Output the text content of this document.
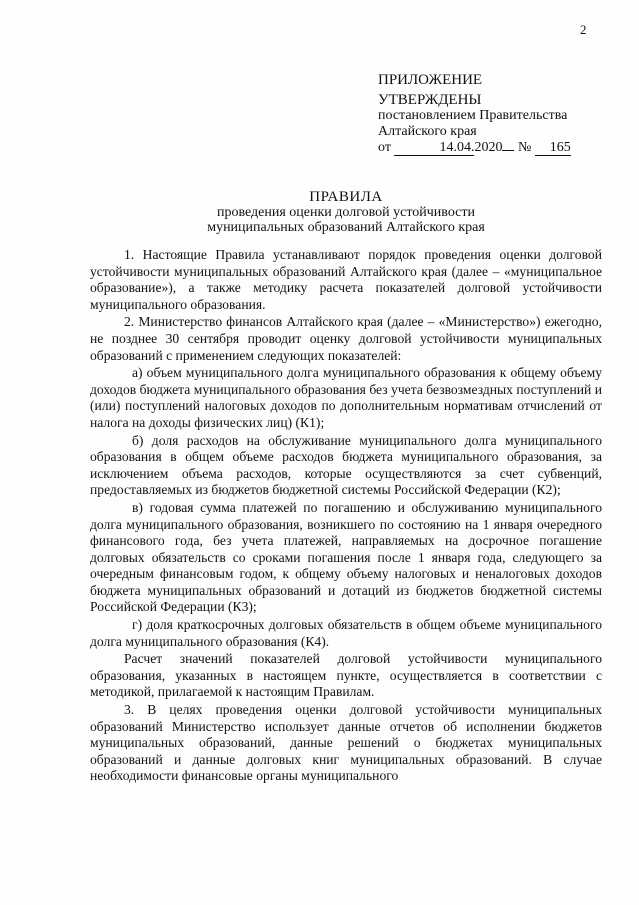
2
ПРИЛОЖЕНИЕ
УТВЕРЖДЕНЫ
постановлением Правительства
Алтайского края
от	14.04.2020 № 165
ПРАВИЛА
проведения оценки долговой устойчивости
муниципальных образований Алтайского края

1. Настоящие Правила устанавливают порядок проведения оценки долговой устойчивости муниципальных образований Алтайского края (далее – «муниципальное образование»), а также методику расчета показателей долговой устойчивости муниципального образования.

2. Министерство финансов Алтайского края (далее – «Министерство») ежегодно, не позднее 30 сентября проводит оценку долговой устойчивости муниципальных образований с применением следующих показателей:

а) объем муниципального долга муниципального образования к общему объему доходов бюджета муниципального образования без учета безвозмездных поступлений и (или) поступлений налоговых доходов по дополнительным нормативам отчислений от налога на доходы физических лиц) (К1);

б) доля расходов на обслуживание муниципального долга муниципального образования в общем объеме расходов бюджета муниципального образования, за исключением объема расходов, которые осуществляются за счет субвенций, предоставляемых из бюджетов бюджетной системы Российской Федерации (К2);

в) годовая сумма платежей по погашению и обслуживанию муниципального долга муниципального образования, возникшего по состоянию на 1 января очередного финансового года, без учета платежей, направляемых на досрочное погашение долговых обязательств со сроками погашения после 1 января года, следующего за очередным финансовым годом, к общему объему налоговых и неналоговых доходов бюджета муниципальных образований и дотаций из бюджетов бюджетной системы Российской Федерации (К3);

г) доля краткосрочных долговых обязательств в общем объеме муниципального долга муниципального образования (К4).

Расчет значений показателей долговой устойчивости муниципального образования, указанных в настоящем пункте, осуществляется в соответствии с методикой, прилагаемой к настоящим Правилам.

3. В целях проведения оценки долговой устойчивости муниципальных образований Министерство использует данные отчетов об исполнении бюджетов муниципальных образований, данные решений о бюджетах муниципальных образований и данные долговых книг муниципальных образований. В случае необходимости финансовые органы муниципального
